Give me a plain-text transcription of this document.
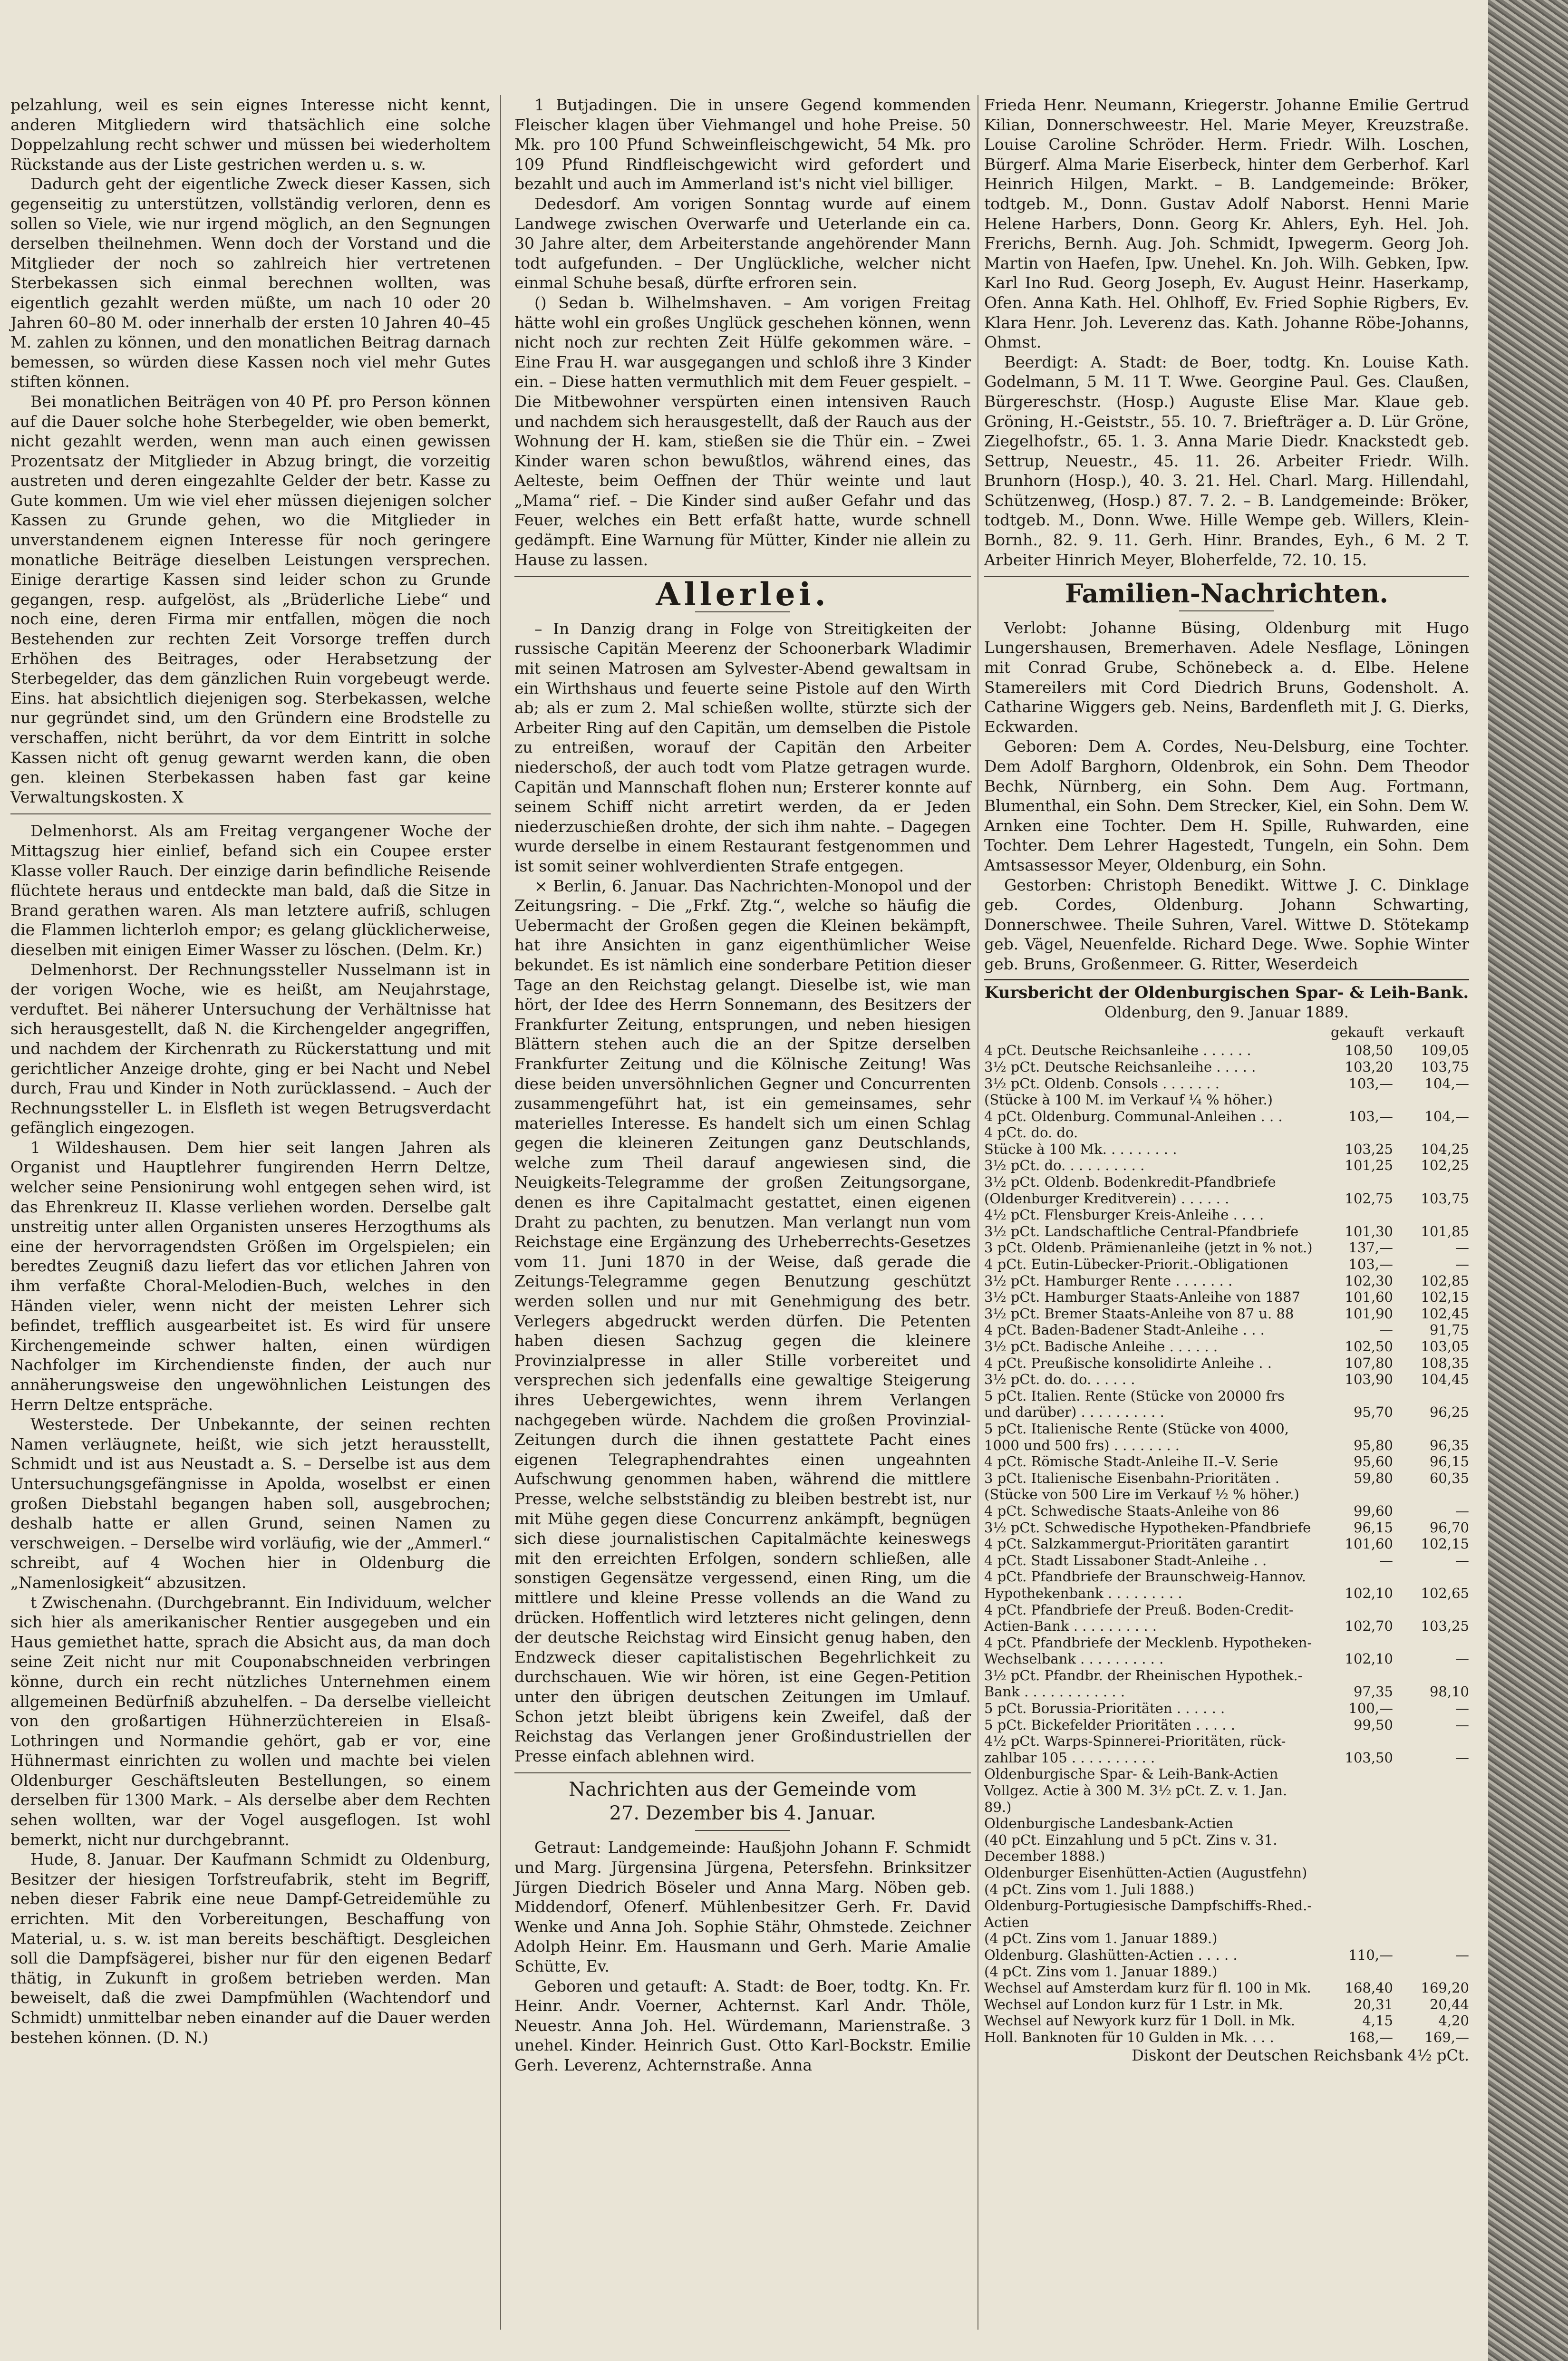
pelzahlung, weil es sein eignes Interesse nicht kennt, anderen Mitgliedern wird thatsächlich eine solche Doppelzahlung recht schwer und müssen bei wiederholtem Rückstande aus der Liste gestrichen werden u. s. w.

Dadurch geht der eigentliche Zweck dieser Kassen, sich gegenseitig zu unterstützen, vollständig verloren, denn es sollen so Viele, wie nur irgend möglich, an den Segnungen derselben theilnehmen. Wenn doch der Vorstand und die Mitglieder der noch so zahlreich hier vertretenen Sterbekassen sich einmal berechnen wollten, was eigentlich gezahlt werden müßte, um nach 10 oder 20 Jahren 60–80 M. oder innerhalb der ersten 10 Jahren 40–45 M. zahlen zu können, und den monatlichen Beitrag darnach bemessen, so würden diese Kassen noch viel mehr Gutes stiften können.

Bei monatlichen Beiträgen von 40 Pf. pro Person können auf die Dauer solche hohe Sterbegelder, wie oben bemerkt, nicht gezahlt werden, wenn man auch einen gewissen Prozentsatz der Mitglieder in Abzug bringt, die vorzeitig austreten und deren eingezahlte Gelder der betr. Kasse zu Gute kommen. Um wie viel eher müssen diejenigen solcher Kassen zu Grunde gehen, wo die Mitglieder in unverstandenem eignen Interesse für noch geringere monatliche Beiträge dieselben Leistungen versprechen. Einige derartige Kassen sind leider schon zu Grunde gegangen, resp. aufgelöst, als „Brüderliche Liebe“ und noch eine, deren Firma mir entfallen, mögen die noch Bestehenden zur rechten Zeit Vorsorge treffen durch Erhöhen des Beitrages, oder Herabsetzung der Sterbegelder, das dem gänzlichen Ruin vorgebeugt werde. Eins. hat absichtlich diejenigen sog. Sterbekassen, welche nur gegründet sind, um den Gründern eine Brodstelle zu verschaffen, nicht berührt, da vor dem Eintritt in solche Kassen nicht oft genug gewarnt werden kann, die oben gen. kleinen Sterbekassen haben fast gar keine Verwaltungskosten. X

Delmenhorst. Als am Freitag vergangener Woche der Mittagszug hier einlief, befand sich ein Coupee erster Klasse voller Rauch. Der einzige darin befindliche Reisende flüchtete heraus und entdeckte man bald, daß die Sitze in Brand gerathen waren. Als man letztere aufriß, schlugen die Flammen lichterloh empor; es gelang glücklicherweise, dieselben mit einigen Eimer Wasser zu löschen. (Delm. Kr.)

Delmenhorst. Der Rechnungssteller Nusselmann ist in der vorigen Woche, wie es heißt, am Neujahrstage, verduftet. Bei näherer Untersuchung der Verhältnisse hat sich herausgestellt, daß N. die Kirchengelder angegriffen, und nachdem der Kirchenrath zu Rückerstattung und mit gerichtlicher Anzeige drohte, ging er bei Nacht und Nebel durch, Frau und Kinder in Noth zurücklassend. – Auch der Rechnungssteller L. in Elsfleth ist wegen Betrugsverdacht gefänglich eingezogen.

1 Wildeshausen. Dem hier seit langen Jahren als Organist und Hauptlehrer fungirenden Herrn Deltze, welcher seine Pensionirung wohl entgegen sehen wird, ist das Ehrenkreuz II. Klasse verliehen worden. Derselbe galt unstreitig unter allen Organisten unseres Herzogthums als eine der hervorragendsten Größen im Orgelspielen; ein beredtes Zeugniß dazu liefert das vor etlichen Jahren von ihm verfaßte Choral-Melodien-Buch, welches in den Händen vieler, wenn nicht der meisten Lehrer sich befindet, trefflich ausgearbeitet ist. Es wird für unsere Kirchengemeinde schwer halten, einen würdigen Nachfolger im Kirchendienste finden, der auch nur annäherungsweise den ungewöhnlichen Leistungen des Herrn Deltze entspräche.

Westerstede. Der Unbekannte, der seinen rechten Namen verläugnete, heißt, wie sich jetzt herausstellt, Schmidt und ist aus Neustadt a. S. – Derselbe ist aus dem Untersuchungsgefängnisse in Apolda, woselbst er einen großen Diebstahl begangen haben soll, ausgebrochen; deshalb hatte er allen Grund, seinen Namen zu verschweigen. – Derselbe wird vorläufig, wie der „Ammerl.“ schreibt, auf 4 Wochen hier in Oldenburg die „Namenlosigkeit“ abzusitzen.

t Zwischenahn. (Durchgebrannt. Ein Individuum, welcher sich hier als amerikanischer Rentier ausgegeben und ein Haus gemiethet hatte, sprach die Absicht aus, da man doch seine Zeit nicht nur mit Couponabschneiden verbringen könne, durch ein recht nützliches Unternehmen einem allgemeinen Bedürfniß abzuhelfen. – Da derselbe vielleicht von den großartigen Hühnerzüchtereien in Elsaß-Lothringen und Normandie gehört, gab er vor, eine Hühnermast einrichten zu wollen und machte bei vielen Oldenburger Geschäftsleuten Bestellungen, so einem derselben für 1300 Mark. – Als derselbe aber dem Rechten sehen wollten, war der Vogel ausgeflogen. Ist wohl bemerkt, nicht nur durchgebrannt.

Hude, 8. Januar. Der Kaufmann Schmidt zu Oldenburg, Besitzer der hiesigen Torfstreufabrik, steht im Begriff, neben dieser Fabrik eine neue Dampf-Getreidemühle zu errichten. Mit den Vorbereitungen, Beschaffung von Material, u. s. w. ist man bereits beschäftigt. Desgleichen soll die Dampfsägerei, bisher nur für den eigenen Bedarf thätig, in Zukunft in großem betrieben werden. Man beweiselt, daß die zwei Dampfmühlen (Wachtendorf und Schmidt) unmittelbar neben einander auf die Dauer werden bestehen können. (D. N.)

1 Butjadingen. Die in unsere Gegend kommenden Fleischer klagen über Viehmangel und hohe Preise. 50 Mk. pro 100 Pfund Schweinfleischgewicht, 54 Mk. pro 109 Pfund Rindfleischgewicht wird gefordert und bezahlt und auch im Ammerland ist's nicht viel billiger.

Dedesdorf. Am vorigen Sonntag wurde auf einem Landwege zwischen Overwarfe und Ueterlande ein ca. 30 Jahre alter, dem Arbeiterstande angehörender Mann todt aufgefunden. – Der Unglückliche, welcher nicht einmal Schuhe besaß, dürfte erfroren sein.

() Sedan b. Wilhelmshaven. – Am vorigen Freitag hätte wohl ein großes Unglück geschehen können, wenn nicht noch zur rechten Zeit Hülfe gekommen wäre. – Eine Frau H. war ausgegangen und schloß ihre 3 Kinder ein. – Diese hatten vermuthlich mit dem Feuer gespielt. – Die Mitbewohner verspürten einen intensiven Rauch und nachdem sich herausgestellt, daß der Rauch aus der Wohnung der H. kam, stießen sie die Thür ein. – Zwei Kinder waren schon bewußtlos, während eines, das Aelteste, beim Oeffnen der Thür weinte und laut „Mama“ rief. – Die Kinder sind außer Gefahr und das Feuer, welches ein Bett erfaßt hatte, wurde schnell gedämpft. Eine Warnung für Mütter, Kinder nie allein zu Hause zu lassen.

Allerlei.

– In Danzig drang in Folge von Streitigkeiten der russische Capitän Meerenz der Schoonerbark Wladimir mit seinen Matrosen am Sylvester-Abend gewaltsam in ein Wirthshaus und feuerte seine Pistole auf den Wirth ab; als er zum 2. Mal schießen wollte, stürzte sich der Arbeiter Ring auf den Capitän, um demselben die Pistole zu entreißen, worauf der Capitän den Arbeiter niederschoß, der auch todt vom Platze getragen wurde. Capitän und Mannschaft flohen nun; Ersterer konnte auf seinem Schiff nicht arretirt werden, da er Jeden niederzuschießen drohte, der sich ihm nahte. – Dagegen wurde derselbe in einem Restaurant festgenommen und ist somit seiner wohlverdienten Strafe entgegen.

× Berlin, 6. Januar. Das Nachrichten-Monopol und der Zeitungsring. – Die „Frkf. Ztg.“, welche so häufig die Uebermacht der Großen gegen die Kleinen bekämpft, hat ihre Ansichten in ganz eigenthümlicher Weise bekundet. Es ist nämlich eine sonderbare Petition dieser Tage an den Reichstag gelangt. Dieselbe ist, wie man hört, der Idee des Herrn Sonnemann, des Besitzers der Frankfurter Zeitung, entsprungen, und neben hiesigen Blättern stehen auch die an der Spitze derselben Frankfurter Zeitung und die Kölnische Zeitung! Was diese beiden unversöhnlichen Gegner und Concurrenten zusammengeführt hat, ist ein gemeinsames, sehr materielles Interesse. Es handelt sich um einen Schlag gegen die kleineren Zeitungen ganz Deutschlands, welche zum Theil darauf angewiesen sind, die Neuigkeits-Telegramme der großen Zeitungsorgane, denen es ihre Capitalmacht gestattet, einen eigenen Draht zu pachten, zu benutzen. Man verlangt nun vom Reichstage eine Ergänzung des Urheberrechts-Gesetzes vom 11. Juni 1870 in der Weise, daß gerade die Zeitungs-Telegramme gegen Benutzung geschützt werden sollen und nur mit Genehmigung des betr. Verlegers abgedruckt werden dürfen. Die Petenten haben diesen Sachzug gegen die kleinere Provinzialpresse in aller Stille vorbereitet und versprechen sich jedenfalls eine gewaltige Steigerung ihres Uebergewichtes, wenn ihrem Verlangen nachgegeben würde. Nachdem die großen Provinzial-Zeitungen durch die ihnen gestattete Pacht eines eigenen Telegraphendrahtes einen ungeahnten Aufschwung genommen haben, während die mittlere Presse, welche selbstständig zu bleiben bestrebt ist, nur mit Mühe gegen diese Concurrenz ankämpft, begnügen sich diese journalistischen Capitalmächte keineswegs mit den erreichten Erfolgen, sondern schließen, alle sonstigen Gegensätze vergessend, einen Ring, um die mittlere und kleine Presse vollends an die Wand zu drücken. Hoffentlich wird letzteres nicht gelingen, denn der deutsche Reichstag wird Einsicht genug haben, den Endzweck dieser capitalistischen Begehrlichkeit zu durchschauen. Wie wir hören, ist eine Gegen-Petition unter den übrigen deutschen Zeitungen im Umlauf. Schon jetzt bleibt übrigens kein Zweifel, daß der Reichstag das Verlangen jener Großindustriellen der Presse einfach ablehnen wird.

Nachrichten aus der Gemeinde vom
27. Dezember bis 4. Januar.

Getraut: Landgemeinde: Haußjohn Johann F. Schmidt und Marg. Jürgensina Jürgena, Petersfehn. Brinksitzer Jürgen Diedrich Böseler und Anna Marg. Nöben geb. Middendorf, Ofenerf. Mühlenbesitzer Gerh. Fr. David Wenke und Anna Joh. Sophie Stähr, Ohmstede. Zeichner Adolph Heinr. Em. Hausmann und Gerh. Marie Amalie Schütte, Ev.

Geboren und getauft: A. Stadt: de Boer, todtg. Kn. Fr. Heinr. Andr. Voerner, Achternst. Karl Andr. Thöle, Neuestr. Anna Joh. Hel. Würdemann, Marienstraße. 3 unehel. Kinder. Heinrich Gust. Otto Karl-Bockstr. Emilie Gerh. Leverenz, Achternstraße. Anna

Frieda Henr. Neumann, Kriegerstr. Johanne Emilie Gertrud Kilian, Donnerschweestr. Hel. Marie Meyer, Kreuzstraße. Louise Caroline Schröder. Herm. Friedr. Wilh. Loschen, Bürgerf. Alma Marie Eiserbeck, hinter dem Gerberhof. Karl Heinrich Hilgen, Markt. – B. Landgemeinde: Bröker, todtgeb. M., Donn. Gustav Adolf Naborst. Henni Marie Helene Harbers, Donn. Georg Kr. Ahlers, Eyh. Hel. Joh. Frerichs, Bernh. Aug. Joh. Schmidt, Ipwegerm. Georg Joh. Martin von Haefen, Ipw. Unehel. Kn. Joh. Wilh. Gebken, Ipw. Karl Ino Rud. Georg Joseph, Ev. August Heinr. Haserkamp, Ofen. Anna Kath. Hel. Ohlhoff, Ev. Fried Sophie Rigbers, Ev. Klara Henr. Joh. Leverenz das. Kath. Johanne Röbe-Johanns, Ohmst.

Beerdigt: A. Stadt: de Boer, todtg. Kn. Louise Kath. Godelmann, 5 M. 11 T. Wwe. Georgine Paul. Ges. Claußen, Bürgereschstr. (Hosp.) Auguste Elise Mar. Klaue geb. Gröning, H.-Geiststr., 55. 10. 7. Briefträger a. D. Lür Gröne, Ziegelhofstr., 65. 1. 3. Anna Marie Diedr. Knackstedt geb. Settrup, Neuestr., 45. 11. 26. Arbeiter Friedr. Wilh. Brunhorn (Hosp.), 40. 3. 21. Hel. Charl. Marg. Hillendahl, Schützenweg, (Hosp.) 87. 7. 2. – B. Landgemeinde: Bröker, todtgeb. M., Donn. Wwe. Hille Wempe geb. Willers, Klein-Bornh., 82. 9. 11. Gerh. Hinr. Brandes, Eyh., 6 M. 2 T. Arbeiter Hinrich Meyer, Bloherfelde, 72. 10. 15.

Familien-Nachrichten.

Verlobt: Johanne Büsing, Oldenburg mit Hugo Lungershausen, Bremerhaven. Adele Nesflage, Löningen mit Conrad Grube, Schönebeck a. d. Elbe. Helene Stamereilers mit Cord Diedrich Bruns, Godensholt. A. Catharine Wiggers geb. Neins, Bardenfleth mit J. G. Dierks, Eckwarden.

Geboren: Dem A. Cordes, Neu-Delsburg, eine Tochter. Dem Adolf Barghorn, Oldenbrok, ein Sohn. Dem Theodor Bechk, Nürnberg, ein Sohn. Dem Aug. Fortmann, Blumenthal, ein Sohn. Dem Strecker, Kiel, ein Sohn. Dem W. Arnken eine Tochter. Dem H. Spille, Ruhwarden, eine Tochter. Dem Lehrer Hagestedt, Tungeln, ein Sohn. Dem Amtsassessor Meyer, Oldenburg, ein Sohn.

Gestorben: Christoph Benedikt. Wittwe J. C. Dinklage geb. Cordes, Oldenburg. Johann Schwarting, Donnerschwee. Theile Suhren, Varel. Wittwe D. Stötekamp geb. Vägel, Neuenfelde. Richard Dege. Wwe. Sophie Winter geb. Bruns, Großenmeer. G. Ritter, Weserdeich

Kursbericht der Oldenburgischen Spar- & Leih-Bank.
Oldenburg, den 9. Januar 1889.
gekauft verkauft
4 pCt. Deutsche Reichsanleihe . . . . . .	108,50	109,05
3½ pCt. Deutsche Reichsanleihe . . . . .	103,20	103,75
3½ pCt. Oldenb. Consols . . . . . . .	103,—	104,—
(Stücke à 100 M. im Verkauf ¼ % höher.)		
4 pCt. Oldenburg. Communal-Anleihen . . .	103,—	104,—
4 pCt. do. do.		
Stücke à 100 Mk. . . . . . . . .	103,25	104,25
3½ pCt. do. . . . . . . . . .	101,25	102,25
3½ pCt. Oldenb. Bodenkredit-Pfandbriefe		
(Oldenburger Kreditverein) . . . . . .	102,75	103,75
4½ pCt. Flensburger Kreis-Anleihe . . . .		
3½ pCt. Landschaftliche Central-Pfandbriefe	101,30	101,85
3 pCt. Oldenb. Prämienanleihe (jetzt in % not.)	137,—	—
4 pCt. Eutin-Lübecker-Priorit.-Obligationen	103,—	—
3½ pCt. Hamburger Rente . . . . . . .	102,30	102,85
3½ pCt. Hamburger Staats-Anleihe von 1887	101,60	102,15
3½ pCt. Bremer Staats-Anleihe von 87 u. 88	101,90	102,45
4 pCt. Baden-Badener Stadt-Anleihe . . .	—	91,75
3½ pCt. Badische Anleihe . . . . . .	102,50	103,05
4 pCt. Preußische konsolidirte Anleihe . .	107,80	108,35
3½ pCt. do. do. . . . . .	103,90	104,45
5 pCt. Italien. Rente (Stücke von 20000 frs		
und darüber) . . . . . . . . . .	95,70	96,25
5 pCt. Italienische Rente (Stücke von 4000,		
1000 und 500 frs) . . . . . . . .	95,80	96,35
4 pCt. Römische Stadt-Anleihe II.–V. Serie	95,60	96,15
3 pCt. Italienische Eisenbahn-Prioritäten .	59,80	60,35
(Stücke von 500 Lire im Verkauf ½ % höher.)		
4 pCt. Schwedische Staats-Anleihe von 86	99,60	—
3½ pCt. Schwedische Hypotheken-Pfandbriefe	96,15	96,70
4 pCt. Salzkammergut-Prioritäten garantirt	101,60	102,15
4 pCt. Stadt Lissaboner Stadt-Anleihe . .	—	—
4 pCt. Pfandbriefe der Braunschweig-Hannov.		
Hypothekenbank . . . . . . . . .	102,10	102,65
4 pCt. Pfandbriefe der Preuß. Boden-Credit-		
Actien-Bank . . . . . . . . . .	102,70	103,25
4 pCt. Pfandbriefe der Mecklenb. Hypotheken-		
Wechselbank . . . . . . . . . .	102,10	—
3½ pCt. Pfandbr. der Rheinischen Hypothek.-		
Bank . . . . . . . . . . . .	97,35	98,10
5 pCt. Borussia-Prioritäten . . . . . .	100,—	—
5 pCt. Bickefelder Prioritäten . . . . .	99,50	—
4½ pCt. Warps-Spinnerei-Prioritäten, rück-		
zahlbar 105 . . . . . . . . . .	103,50	—
Oldenburgische Spar- & Leih-Bank-Actien		
Vollgez. Actie à 300 M. 3½ pCt. Z. v. 1. Jan. 89.)		
Oldenburgische Landesbank-Actien		
(40 pCt. Einzahlung und 5 pCt. Zins v. 31. December 1888.)		
Oldenburger Eisenhütten-Actien (Augustfehn)		
(4 pCt. Zins vom 1. Juli 1888.)		
Oldenburg-Portugiesische Dampfschiffs-Rhed.-Actien		
(4 pCt. Zins vom 1. Januar 1889.)		
Oldenburg. Glashütten-Actien . . . . .	110,—	—
(4 pCt. Zins vom 1. Januar 1889.)		
Wechsel auf Amsterdam kurz für fl. 100 in Mk.	168,40	169,20
Wechsel auf London kurz für 1 Lstr. in Mk.	20,31	20,44
Wechsel auf Newyork kurz für 1 Doll. in Mk.	4,15	4,20
Holl. Banknoten für 10 Gulden in Mk. . . .	168,—	169,—
Diskont der Deutschen Reichsbank 4½ pCt.
